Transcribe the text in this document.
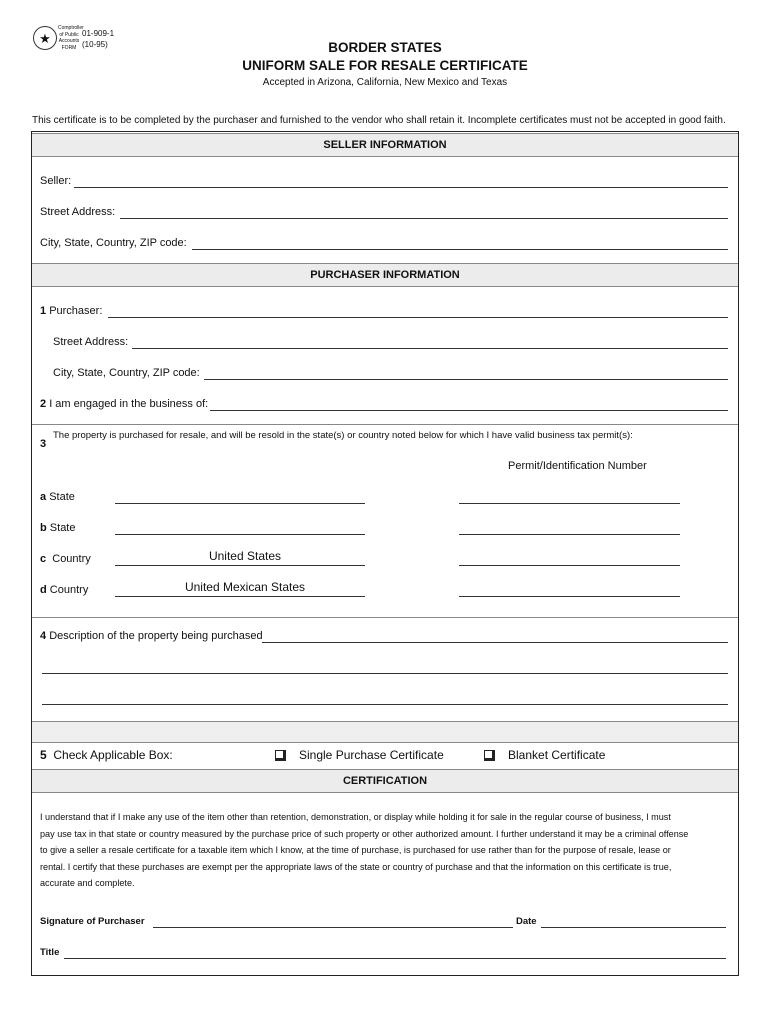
★
Comptroller
of Public
Accounts
FORM
01-909-1
(10-95)	BORDER STATES
UNIFORM SALE FOR RESALE CERTIFICATE
Accepted in Arizona, California, New Mexico and Texas
This certificate is to be completed by the purchaser and furnished to the vendor who shall retain it. Incomplete certificates must not be accepted in good faith.
SELLER INFORMATION
Seller:
Street Address:
City, State, Country, ZIP code:
PURCHASER INFORMATION
1 Purchaser:
Street Address:
City, State, Country, ZIP code:
2 I am engaged in the business of:
3
The property is purchased for resale, and will be resold in the state(s) or country noted below for which I have valid business tax permit(s):
Permit/Identification Number
a State
b State
c Country	United States
d Country	United Mexican States
4 Description of the property being purchased
5 Check Applicable Box:	Single Purchase Certificate	Blanket Certificate
CERTIFICATION
I understand that if I make any use of the item other than retention, demonstration, or display while holding it for sale in the regular course of business, I must
pay use tax in that state or country measured by the purchase price of such property or other authorized amount. I further understand it may be a criminal offense
to give a seller a resale certificate for a taxable item which I know, at the time of purchase, is purchased for use rather than for the purpose of resale, lease or
rental. I certify that these purchases are exempt per the appropriate laws of the state or country of purchase and that the information on this certificate is true,
accurate and complete.
Signature of Purchaser	Date
Title
